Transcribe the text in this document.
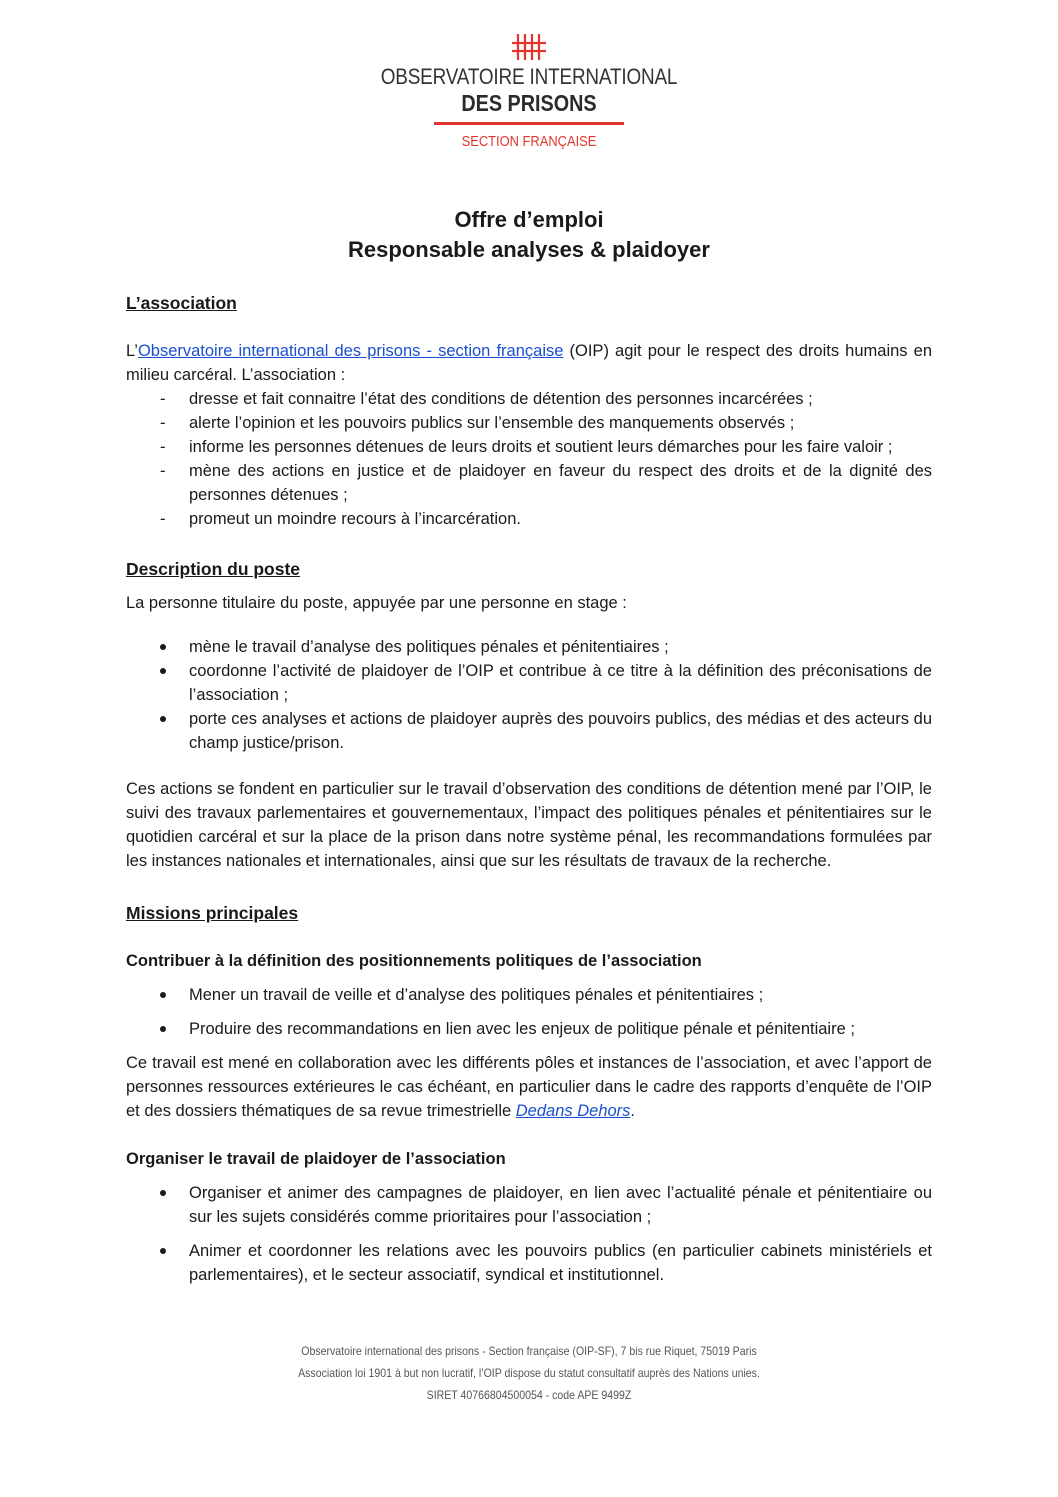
OBSERVATOIRE INTERNATIONAL
DES PRISONS
SECTION FRANÇAISE
Offre d’emploi
Responsable analyses & plaidoyer
L’association

L’Observatoire international des prisons - section française (OIP) agit pour le respect des droits humains en milieu carcéral. L’association :

- dresse et fait connaitre l’état des conditions de détention des personnes incarcérées ;
- alerte l’opinion et les pouvoirs publics sur l’ensemble des manquements observés ;
- informe les personnes détenues de leurs droits et soutient leurs démarches pour les faire valoir ;
- mène des actions en justice et de plaidoyer en faveur du respect des droits et de la dignité des personnes détenues ;
- promeut un moindre recours à l’incarcération.
Description du poste

La personne titulaire du poste, appuyée par une personne en stage :

mène le travail d’analyse des politiques pénales et pénitentiaires ;
coordonne l’activité de plaidoyer de l’OIP et contribue à ce titre à la définition des préconisations de l’association ;
porte ces analyses et actions de plaidoyer auprès des pouvoirs publics, des médias et des acteurs du champ justice/prison.

Ces actions se fondent en particulier sur le travail d’observation des conditions de détention mené par l’OIP, le suivi des travaux parlementaires et gouvernementaux, l’impact des politiques pénales et pénitentiaires sur le quotidien carcéral et sur la place de la prison dans notre système pénal, les recommandations formulées par les instances nationales et internationales, ainsi que sur les résultats de travaux de la recherche.

Missions principales
Contribuer à la définition des positionnements politiques de l’association
Mener un travail de veille et d’analyse des politiques pénales et pénitentiaires ;
Produire des recommandations en lien avec les enjeux de politique pénale et pénitentiaire ;

Ce travail est mené en collaboration avec les différents pôles et instances de l’association, et avec l’apport de personnes ressources extérieures le cas échéant, en particulier dans le cadre des rapports d’enquête de l’OIP et des dossiers thématiques de sa revue trimestrielle Dedans Dehors.

Organiser le travail de plaidoyer de l’association
Organiser et animer des campagnes de plaidoyer, en lien avec l’actualité pénale et pénitentiaire ou sur les sujets considérés comme prioritaires pour l’association ;
Animer et coordonner les relations avec les pouvoirs publics (en particulier cabinets ministériels et parlementaires), et le secteur associatif, syndical et institutionnel.
Observatoire international des prisons - Section française (OIP-SF), 7 bis rue Riquet, 75019 Paris
Association loi 1901 à but non lucratif, l’OIP dispose du statut consultatif auprès des Nations unies.
SIRET 40766804500054 - code APE 9499Z
